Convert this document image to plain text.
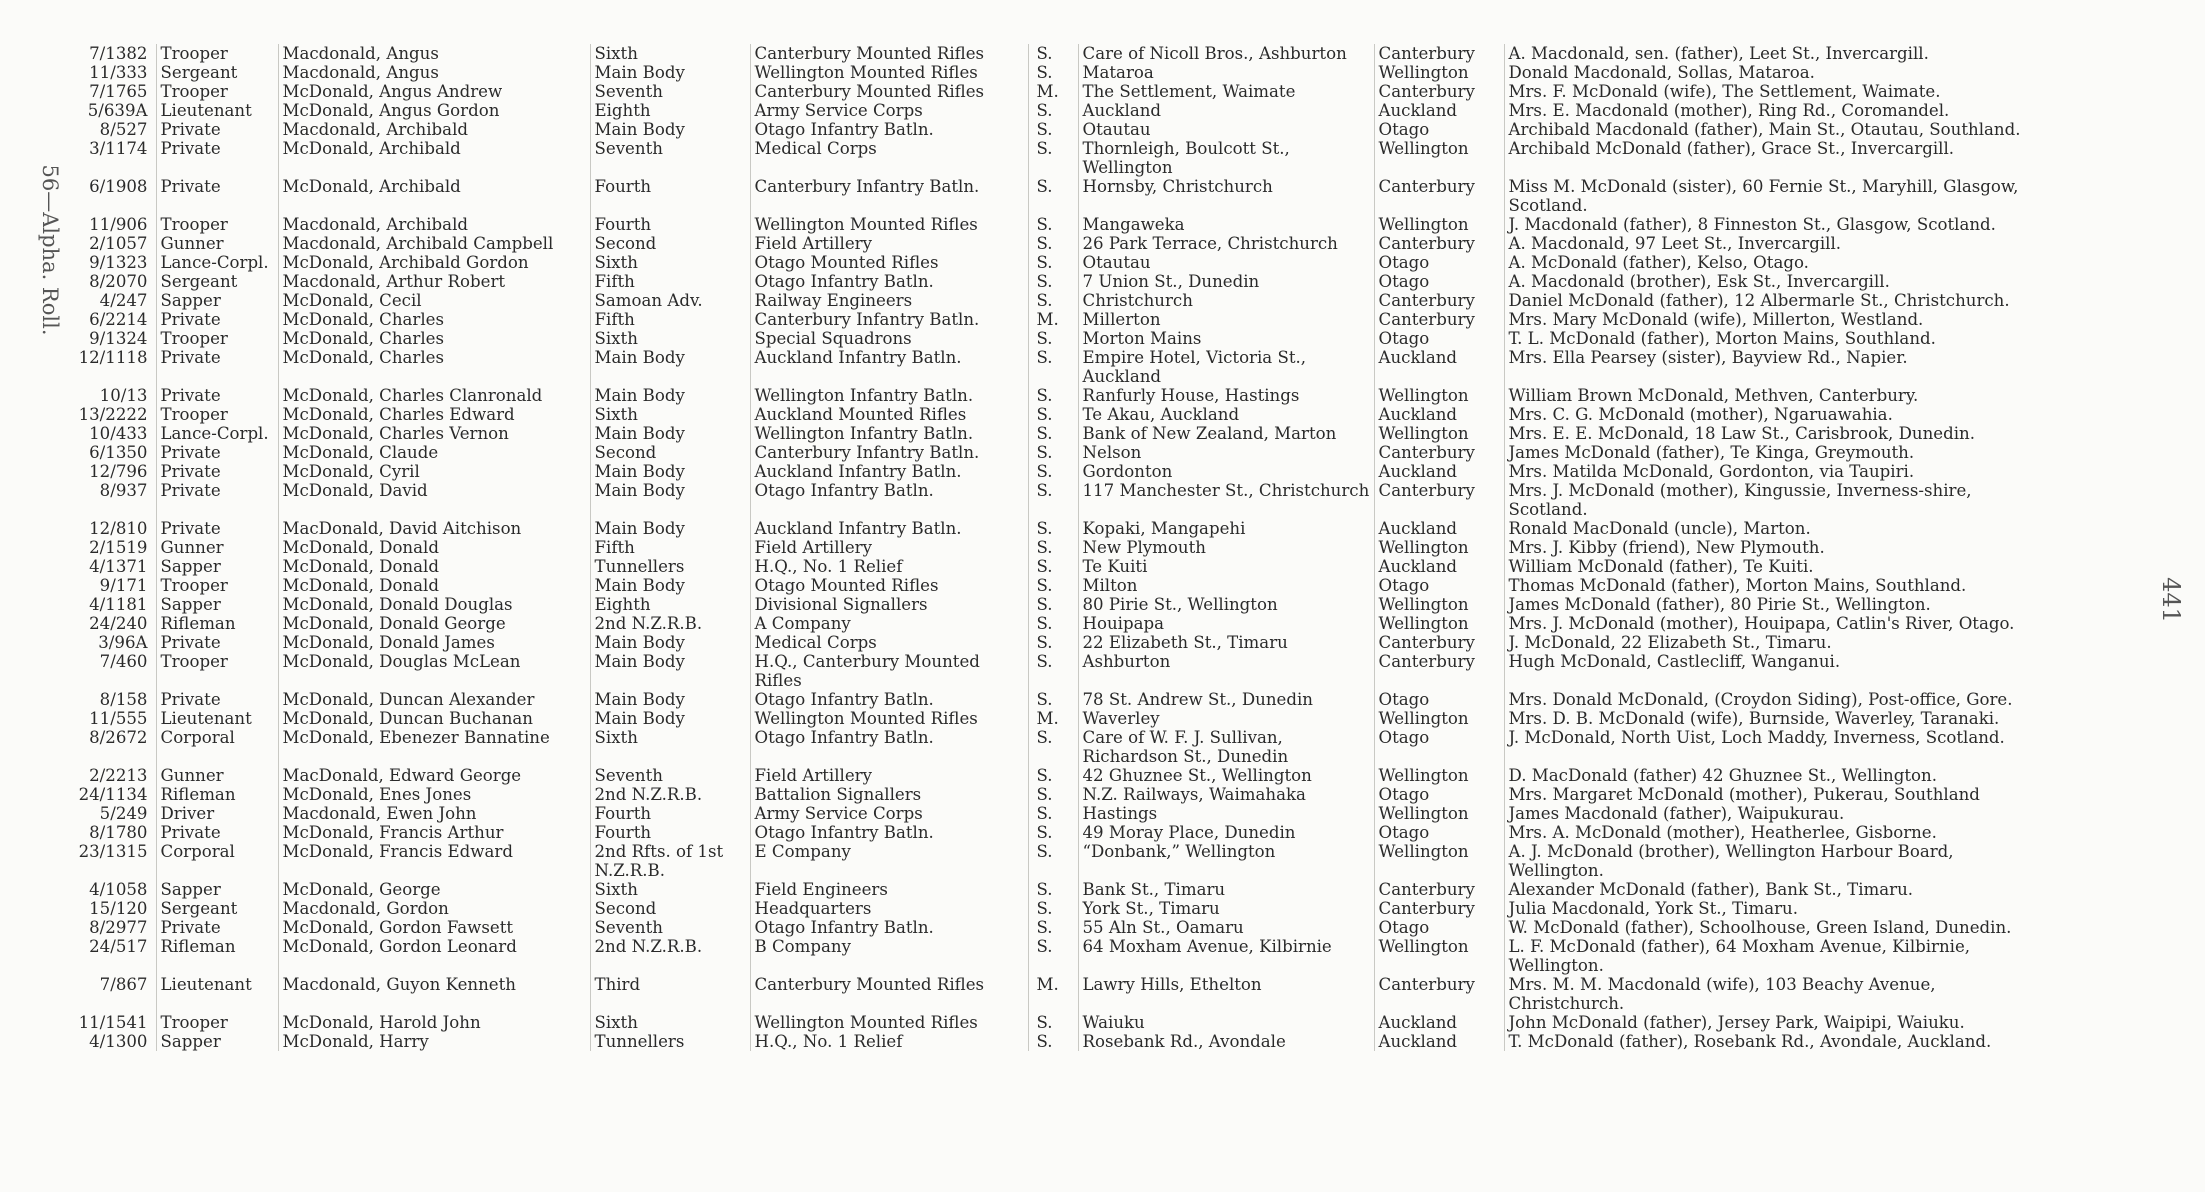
56—Alpha. Roll.
441
7/1382	Trooper	Macdonald, Angus	Sixth	Canterbury Mounted Rifles	S.	Care of Nicoll Bros., Ashburton	Canterbury	A. Macdonald, sen. (father), Leet St., Invercargill.
11/333	Sergeant	Macdonald, Angus	Main Body	Wellington Mounted Rifles	S.	Mataroa	Wellington	Donald Macdonald, Sollas, Mataroa.
7/1765	Trooper	McDonald, Angus Andrew	Seventh	Canterbury Mounted Rifles	M.	The Settlement, Waimate	Canterbury	Mrs. F. McDonald (wife), The Settlement, Waimate.
5/639A	Lieutenant	McDonald, Angus Gordon	Eighth	Army Service Corps	S.	Auckland	Auckland	Mrs. E. Macdonald (mother), Ring Rd., Coromandel.
8/527	Private	Macdonald, Archibald	Main Body	Otago Infantry Batln.	S.	Otautau	Otago	Archibald Macdonald (father), Main St., Otautau, Southland.
3/1174	Private	McDonald, Archibald	Seventh	Medical Corps	S.	Thornleigh, Boulcott St., Wellington	Wellington	Archibald McDonald (father), Grace St., Invercargill.
6/1908	Private	McDonald, Archibald	Fourth	Canterbury Infantry Batln.	S.	Hornsby, Christchurch	Canterbury	Miss M. McDonald (sister), 60 Fernie St., Maryhill, Glasgow, Scotland.
11/906	Trooper	Macdonald, Archibald	Fourth	Wellington Mounted Rifles	S.	Mangaweka	Wellington	J. Macdonald (father), 8 Finneston St., Glasgow, Scotland.
2/1057	Gunner	Macdonald, Archibald Campbell	Second	Field Artillery	S.	26 Park Terrace, Christchurch	Canterbury	A. Macdonald, 97 Leet St., Invercargill.
9/1323	Lance-Corpl.	McDonald, Archibald Gordon	Sixth	Otago Mounted Rifles	S.	Otautau	Otago	A. McDonald (father), Kelso, Otago.
8/2070	Sergeant	Macdonald, Arthur Robert	Fifth	Otago Infantry Batln.	S.	7 Union St., Dunedin	Otago	A. Macdonald (brother), Esk St., Invercargill.
4/247	Sapper	McDonald, Cecil	Samoan Adv.	Railway Engineers	S.	Christchurch	Canterbury	Daniel McDonald (father), 12 Albermarle St., Christchurch.
6/2214	Private	McDonald, Charles	Fifth	Canterbury Infantry Batln.	M.	Millerton	Canterbury	Mrs. Mary McDonald (wife), Millerton, Westland.
9/1324	Trooper	McDonald, Charles	Sixth	Special Squadrons	S.	Morton Mains	Otago	T. L. McDonald (father), Morton Mains, Southland.
12/1118	Private	McDonald, Charles	Main Body	Auckland Infantry Batln.	S.	Empire Hotel, Victoria St., Auckland	Auckland	Mrs. Ella Pearsey (sister), Bayview Rd., Napier.
10/13	Private	McDonald, Charles Clanronald	Main Body	Wellington Infantry Batln.	S.	Ranfurly House, Hastings	Wellington	William Brown McDonald, Methven, Canterbury.
13/2222	Trooper	McDonald, Charles Edward	Sixth	Auckland Mounted Rifles	S.	Te Akau, Auckland	Auckland	Mrs. C. G. McDonald (mother), Ngaruawahia.
10/433	Lance-Corpl.	McDonald, Charles Vernon	Main Body	Wellington Infantry Batln.	S.	Bank of New Zealand, Marton	Wellington	Mrs. E. E. McDonald, 18 Law St., Carisbrook, Dunedin.
6/1350	Private	McDonald, Claude	Second	Canterbury Infantry Batln.	S.	Nelson	Canterbury	James McDonald (father), Te Kinga, Greymouth.
12/796	Private	McDonald, Cyril	Main Body	Auckland Infantry Batln.	S.	Gordonton	Auckland	Mrs. Matilda McDonald, Gordonton, via Taupiri.
8/937	Private	McDonald, David	Main Body	Otago Infantry Batln.	S.	117 Manchester St., Christchurch	Canterbury	Mrs. J. McDonald (mother), Kingussie, Inverness-shire, Scotland.
12/810	Private	MacDonald, David Aitchison	Main Body	Auckland Infantry Batln.	S.	Kopaki, Mangapehi	Auckland	Ronald MacDonald (uncle), Marton.
2/1519	Gunner	McDonald, Donald	Fifth	Field Artillery	S.	New Plymouth	Wellington	Mrs. J. Kibby (friend), New Plymouth.
4/1371	Sapper	McDonald, Donald	Tunnellers	H.Q., No. 1 Relief	S.	Te Kuiti	Auckland	William McDonald (father), Te Kuiti.
9/171	Trooper	McDonald, Donald	Main Body	Otago Mounted Rifles	S.	Milton	Otago	Thomas McDonald (father), Morton Mains, Southland.
4/1181	Sapper	McDonald, Donald Douglas	Eighth	Divisional Signallers	S.	80 Pirie St., Wellington	Wellington	James McDonald (father), 80 Pirie St., Wellington.
24/240	Rifleman	McDonald, Donald George	2nd N.Z.R.B.	A Company	S.	Houipapa	Wellington	Mrs. J. McDonald (mother), Houipapa, Catlin's River, Otago.
3/96A	Private	McDonald, Donald James	Main Body	Medical Corps	S.	22 Elizabeth St., Timaru	Canterbury	J. McDonald, 22 Elizabeth St., Timaru.
7/460	Trooper	McDonald, Douglas McLean	Main Body	H.Q., Canterbury Mounted Rifles	S.	Ashburton	Canterbury	Hugh McDonald, Castlecliff, Wanganui.
8/158	Private	McDonald, Duncan Alexander	Main Body	Otago Infantry Batln.	S.	78 St. Andrew St., Dunedin	Otago	Mrs. Donald McDonald, (Croydon Siding), Post-office, Gore.
11/555	Lieutenant	McDonald, Duncan Buchanan	Main Body	Wellington Mounted Rifles	M.	Waverley	Wellington	Mrs. D. B. McDonald (wife), Burnside, Waverley, Taranaki.
8/2672	Corporal	McDonald, Ebenezer Bannatine	Sixth	Otago Infantry Batln.	S.	Care of W. F. J. Sullivan, Richardson St., Dunedin	Otago	J. McDonald, North Uist, Loch Maddy, Inverness, Scotland.
2/2213	Gunner	MacDonald, Edward George	Seventh	Field Artillery	S.	42 Ghuznee St., Wellington	Wellington	D. MacDonald (father) 42 Ghuznee St., Wellington.
24/1134	Rifleman	McDonald, Enes Jones	2nd N.Z.R.B.	Battalion Signallers	S.	N.Z. Railways, Waimahaka	Otago	Mrs. Margaret McDonald (mother), Pukerau, Southland
5/249	Driver	Macdonald, Ewen John	Fourth	Army Service Corps	S.	Hastings	Wellington	James Macdonald (father), Waipukurau.
8/1780	Private	McDonald, Francis Arthur	Fourth	Otago Infantry Batln.	S.	49 Moray Place, Dunedin	Otago	Mrs. A. McDonald (mother), Heatherlee, Gisborne.
23/1315	Corporal	McDonald, Francis Edward	2nd Rfts. of 1st N.Z.R.B.	E Company	S.	“Donbank,” Wellington	Wellington	A. J. McDonald (brother), Wellington Harbour Board, Wellington.
4/1058	Sapper	McDonald, George	Sixth	Field Engineers	S.	Bank St., Timaru	Canterbury	Alexander McDonald (father), Bank St., Timaru.
15/120	Sergeant	Macdonald, Gordon	Second	Headquarters	S.	York St., Timaru	Canterbury	Julia Macdonald, York St., Timaru.
8/2977	Private	McDonald, Gordon Fawsett	Seventh	Otago Infantry Batln.	S.	55 Aln St., Oamaru	Otago	W. McDonald (father), Schoolhouse, Green Island, Dunedin.
24/517	Rifleman	McDonald, Gordon Leonard	2nd N.Z.R.B.	B Company	S.	64 Moxham Avenue, Kilbirnie	Wellington	L. F. McDonald (father), 64 Moxham Avenue, Kilbirnie, Wellington.
7/867	Lieutenant	Macdonald, Guyon Kenneth	Third	Canterbury Mounted Rifles	M.	Lawry Hills, Ethelton	Canterbury	Mrs. M. M. Macdonald (wife), 103 Beachy Avenue, Christchurch.
11/1541	Trooper	McDonald, Harold John	Sixth	Wellington Mounted Rifles	S.	Waiuku	Auckland	John McDonald (father), Jersey Park, Waipipi, Waiuku.
4/1300	Sapper	McDonald, Harry	Tunnellers	H.Q., No. 1 Relief	S.	Rosebank Rd., Avondale	Auckland	T. McDonald (father), Rosebank Rd., Avondale, Auckland.
